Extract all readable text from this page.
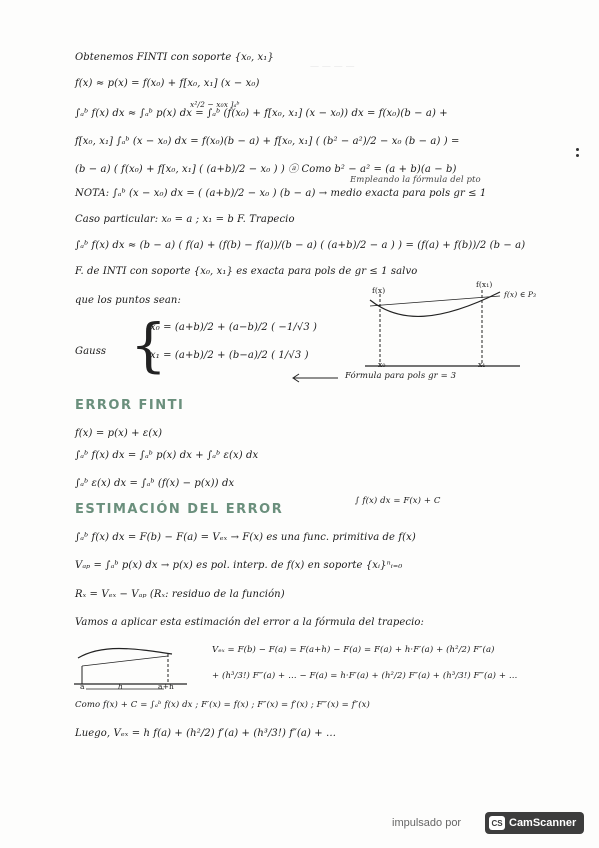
— — — —
Obtenemos FINTI con soporte {x₀, x₁}
f(x) ≈ p(x) = f(x₀) + f[x₀, x₁] (x − x₀)
x²/2 − x₀x ]ₐᵇ
∫ₐᵇ f(x) dx ≈ ∫ₐᵇ p(x) dx = ∫ₐᵇ (f(x₀) + f[x₀, x₁] (x − x₀)) dx = f(x₀)(b − a) +
f[x₀, x₁] ∫ₐᵇ (x − x₀) dx = f(x₀)(b − a) + f[x₀, x₁] ( (b² − a²)/2 − x₀ (b − a) ) =
(b − a) ( f(x₀) + f[x₀, x₁] ( (a+b)/2 − x₀ ) ) ⓐ Como b² − a² = (a + b)(a − b)
Empleando la fórmula del pto
NOTA: ∫ₐᵇ (x − x₀) dx = ( (a+b)/2 − x₀ ) (b − a) → medio exacta para pols gr ≤ 1
Caso particular: x₀ = a ; x₁ = b F. Trapecio
∫ₐᵇ f(x) dx ≈ (b − a) ( f(a) + (f(b) − f(a))/(b − a) ( (a+b)/2 − a ) ) = (f(a) + f(b))/2 (b − a)
F. de INTI con soporte {x₀, x₁} es exacta para pols de gr ≤ 1 salvo
que los puntos sean:
Gauss {
x₀ = (a+b)/2 + (a−b)/2 ( −1/√3 )
x₁ = (a+b)/2 + (b−a)/2 ( 1/√3 )
f(x)
f(x₁)
f(x) ∈ P₃
x₀	x₁
Fórmula para pols gr = 3
ERROR FINTI
f(x) = p(x) + ε(x)
∫ₐᵇ f(x) dx = ∫ₐᵇ p(x) dx + ∫ₐᵇ ε(x) dx
∫ₐᵇ ε(x) dx = ∫ₐᵇ (f(x) − p(x)) dx
∫ f(x) dx = F(x) + C
ESTIMACIÓN DEL ERROR
∫ₐᵇ f(x) dx = F(b) − F(a) = Vₑₓ → F(x) es una func. primitiva de f(x)
Vₐₚ = ∫ₐᵇ p(x) dx → p(x) es pol. interp. de f(x) en soporte {xᵢ}ⁿᵢ₌₀
Rₓ = Vₑₓ − Vₐₚ (Rₓ: residuo de la función)
Vamos a aplicar esta estimación del error a la fórmula del trapecio:
a	h	a+h
Vₑₓ = F(b) − F(a) = F(a+h) − F(a) = F(a) + h·F′(a) + (h²/2) F″(a)
+ (h³/3!) F‴(a) + … − F(a) = h·F′(a) + (h²/2) F″(a) + (h³/3!) F‴(a) + …
Como f(x) + C = ∫ₐᵇ f(x) dx ; F′(x) = f(x) ; F″(x) = f′(x) ; F‴(x) = f″(x)
Luego, Vₑₓ = h f(a) + (h²/2) f′(a) + (h³/3!) f″(a) + …
impulsado por	CS CamScanner
